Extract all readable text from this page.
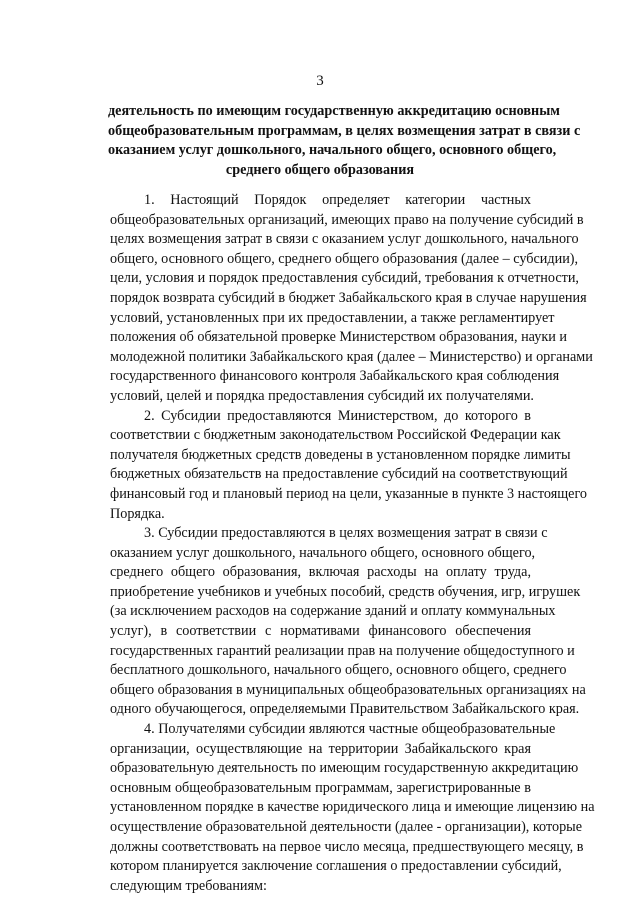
3
деятельность по имеющим государственную аккредитацию основным
общеобразовательным программам, в целях возмещения затрат в связи с
оказанием услуг дошкольного, начального общего, основного общего,
среднего общего образования

1. Настоящий Порядок определяет категории частных
общеобразовательных организаций, имеющих право на получение субсидий в
целях возмещения затрат в связи с оказанием услуг дошкольного, начального
общего, основного общего, среднего общего образования (далее – субсидии),
цели, условия и порядок предоставления субсидий, требования к отчетности,
порядок возврата субсидий в бюджет Забайкальского края в случае нарушения
условий, установленных при их предоставлении, а также регламентирует
положения об обязательной проверке Министерством образования, науки и
молодежной политики Забайкальского края (далее – Министерство) и органами
государственного финансового контроля Забайкальского края соблюдения
условий, целей и порядка предоставления субсидий их получателями.

2. Субсидии предоставляются Министерством, до которого в
соответствии с бюджетным законодательством Российской Федерации как
получателя бюджетных средств доведены в установленном порядке лимиты
бюджетных обязательств на предоставление субсидий на соответствующий
финансовый год и плановый период на цели, указанные в пункте 3 настоящего
Порядка.

3. Субсидии предоставляются в целях возмещения затрат в связи с
оказанием услуг дошкольного, начального общего, основного общего,
среднего общего образования, включая расходы на оплату труда,
приобретение учебников и учебных пособий, средств обучения, игр, игрушек
(за исключением расходов на содержание зданий и оплату коммунальных
услуг), в соответствии с нормативами финансового обеспечения
государственных гарантий реализации прав на получение общедоступного и
бесплатного дошкольного, начального общего, основного общего, среднего
общего образования в муниципальных общеобразовательных организациях на
одного обучающегося, определяемыми Правительством Забайкальского края.

4. Получателями субсидии являются частные общеобразовательные
организации, осуществляющие на территории Забайкальского края
образовательную деятельность по имеющим государственную аккредитацию
основным общеобразовательным программам, зарегистрированные в
установленном порядке в качестве юридического лица и имеющие лицензию на
осуществление образовательной деятельности (далее - организации), которые
должны соответствовать на первое число месяца, предшествующего месяцу, в
котором планируется заключение соглашения о предоставлении субсидий,
следующим требованиям:
